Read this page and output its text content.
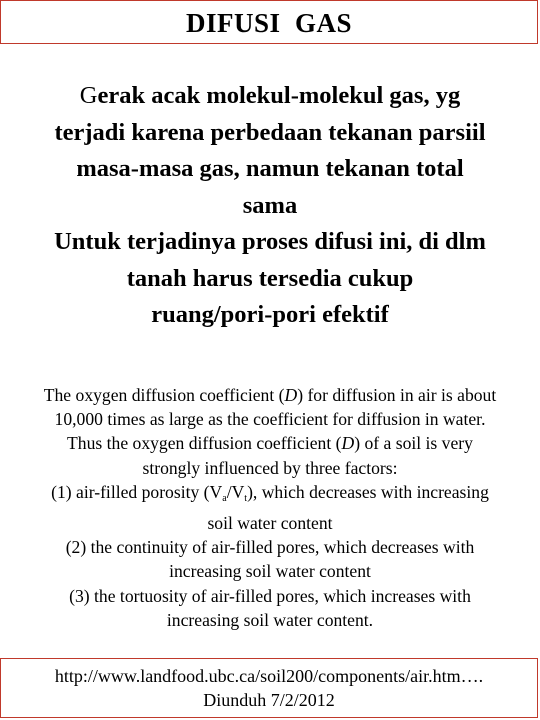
DIFUSI  GAS
Gerak acak molekul-molekul gas, yg
terjadi karena perbedaan tekanan parsiil
masa-masa gas, namun tekanan total
sama
Untuk terjadinya proses difusi ini, di dlm
tanah harus tersedia cukup
ruang/pori-pori efektif
The oxygen diffusion coefficient (D) for diffusion in air is about
10,000 times as large as the coefficient for diffusion in water.
Thus the oxygen diffusion coefficient (D) of a soil is very
strongly influenced by three factors:
(1) air-filled porosity $(V_a/V_t)$, which decreases with increasing
soil water content
(2) the continuity of air-filled pores, which decreases with
increasing soil water content
(3) the tortuosity of air-filled pores, which increases with
increasing soil water content.
http://www.landfood.ubc.ca/soil200/components/air.htm….
Diunduh 7/2/2012
